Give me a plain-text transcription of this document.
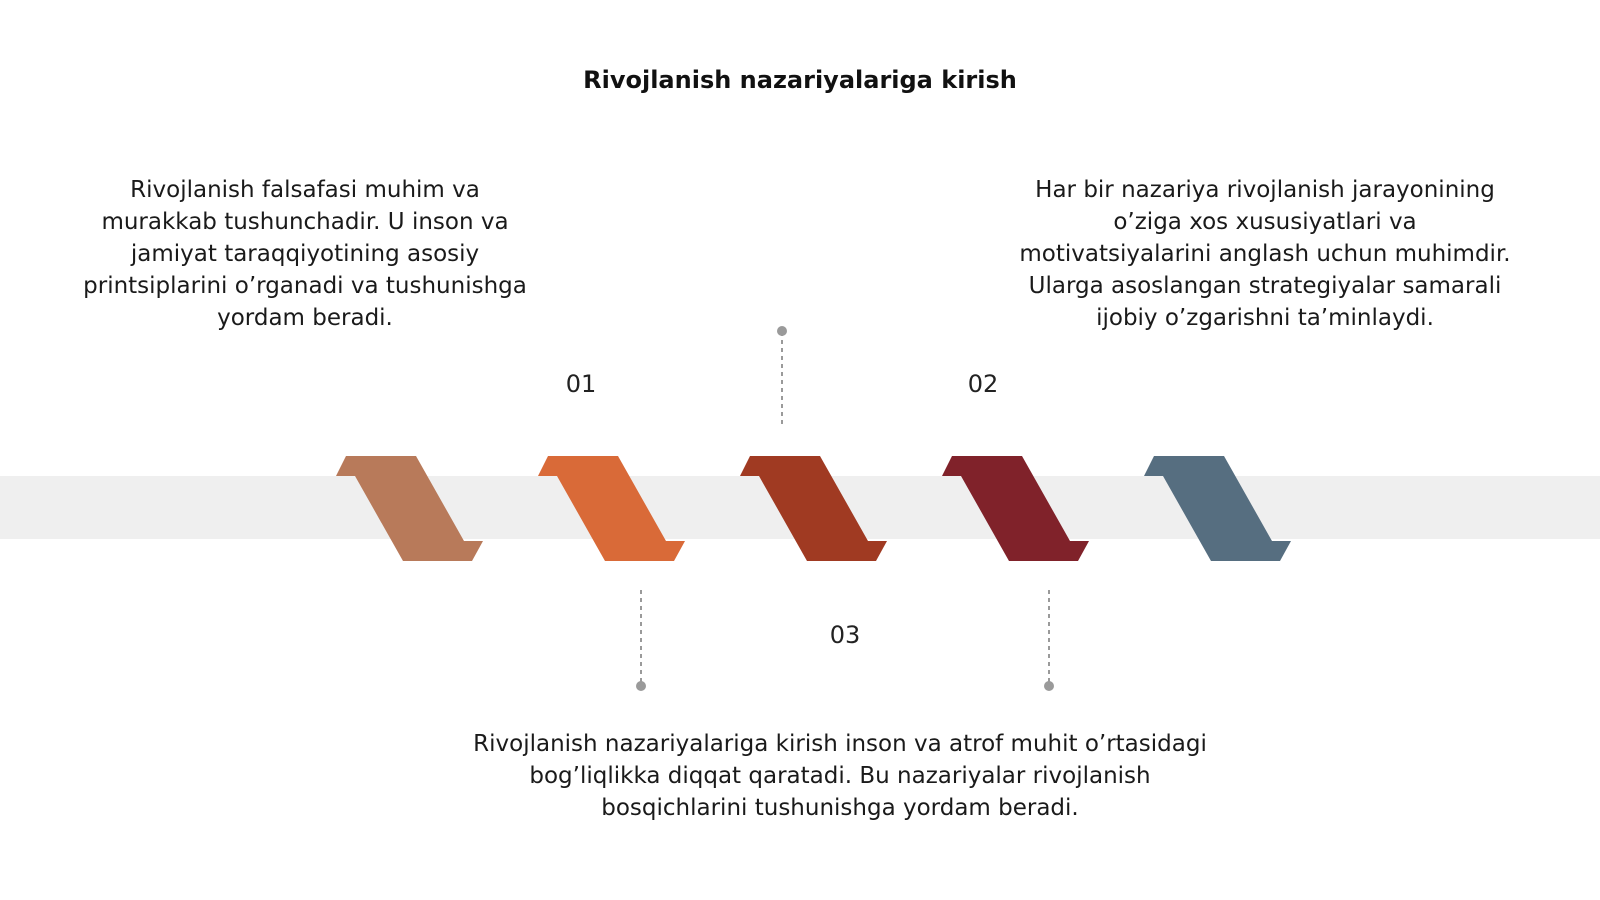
Rivojlanish nazariyalariga kirish
Rivojlanish falsafasi muhim va murakkab tushunchadir. U inson va jamiyat taraqqiyotining asosiy printsiplarini o’rganadi va tushunishga yordam beradi.
Har bir nazariya rivojlanish jarayonining o’ziga xos xususiyatlari va motivatsiyalarini anglash uchun muhimdir. Ularga asoslangan strategiyalar samarali ijobiy o’zgarishni ta’minlaydi.
Rivojlanish nazariyalariga kirish inson va atrof muhit o’rtasidagi bog’liqlikka diqqat qaratadi. Bu nazariyalar rivojlanish bosqichlarini tushunishga yordam beradi.
01	02
03
